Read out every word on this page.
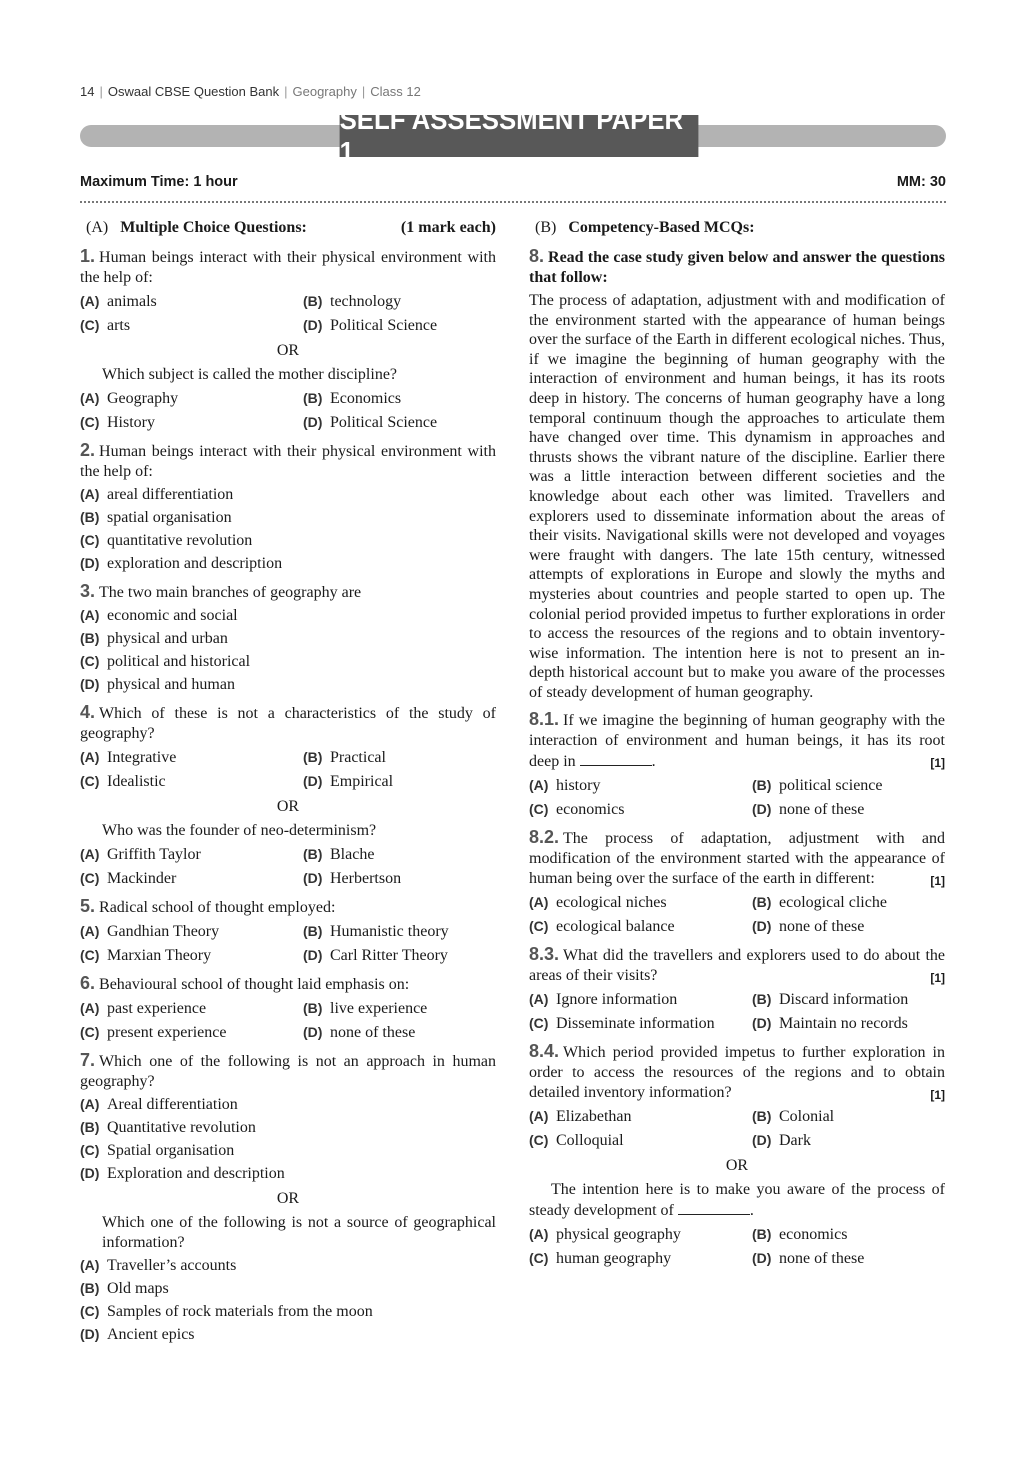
14 | Oswaal CBSE Question Bank | Geography | Class 12
SELF ASSESSMENT PAPER 1
Maximum Time: 1 hour	MM: 30
(A) Multiple Choice Questions:	(1 mark each)
1. Human beings interact with their physical environment with the help of:
(A) animals	(B) technology
(C) arts	(D) Political Science
OR
Which subject is called the mother discipline?
(A) Geography	(B) Economics
(C) History	(D) Political Science
2. Human beings interact with their physical environment with the help of:
(A) areal differentiation
(B) spatial organisation
(C) quantitative revolution
(D) exploration and description
3. The two main branches of geography are
(A) economic and social
(B) physical and urban
(C) political and historical
(D) physical and human
4. Which of these is not a characteristics of the study of geography?
(A) Integrative	(B) Practical
(C) Idealistic	(D) Empirical
OR
Who was the founder of neo-determinism?
(A) Griffith Taylor	(B) Blache
(C) Mackinder	(D) Herbertson
5. Radical school of thought employed:
(A) Gandhian Theory	(B) Humanistic theory
(C) Marxian Theory	(D) Carl Ritter Theory
6. Behavioural school of thought laid emphasis on:
(A) past experience	(B) live experience
(C) present experience	(D) none of these
7. Which one of the following is not an approach in human geography?
(A) Areal differentiation
(B) Quantitative revolution
(C) Spatial organisation
(D) Exploration and description
OR
Which one of the following is not a source of geographical information?
(A) Traveller’s accounts
(B) Old maps
(C) Samples of rock materials from the moon
(D) Ancient epics
(B) Competency-Based MCQs:
8. Read the case study given below and answer the questions that follow:
The process of adaptation, adjustment with and modification of the environment started with the appearance of human beings over the surface of the Earth in different ecological niches. Thus, if we imagine the beginning of human geography with the interaction of environment and human beings, it has its roots deep in history. The concerns of human geography have a long temporal continuum though the approaches to articulate them have changed over time. This dynamism in approaches and thrusts shows the vibrant nature of the discipline. Earlier there was a little interaction between different societies and the knowledge about each other was limited. Travellers and explorers used to disseminate information about the areas of their visits. Navigational skills were not developed and voyages were fraught with dangers. The late 15th century, witnessed attempts of explorations in Europe and slowly the myths and mysteries about countries and people started to open up. The colonial period provided impetus to further explorations in order to access the resources of the regions and to obtain inventory-wise information. The intention here is not to present an in-depth historical account but to make you aware of the processes of steady development of human geography.
8.1. If we imagine the beginning of human geography with the interaction of environment and human beings, it has its root deep in	.	[1]
(A) history	(B) political science
(C) economics	(D) none of these
8.2. The process of adaptation, adjustment with and modification of the environment started with the appearance of human being over the surface of the earth in different:	[1]
(A) ecological niches	(B) ecological cliche
(C) ecological balance	(D) none of these
8.3. What did the travellers and explorers used to do about the areas of their visits?	[1]
(A) Ignore information	(B) Discard information
(C) Disseminate information	(D) Maintain no records
8.4. Which period provided impetus to further exploration in order to access the resources of the regions and to obtain detailed inventory information?	[1]
(A) Elizabethan	(B) Colonial
(C) Colloquial	(D) Dark
OR
The intention here is to make you aware of the process of steady development of	.
(A) physical geography	(B) economics
(C) human geography	(D) none of these
